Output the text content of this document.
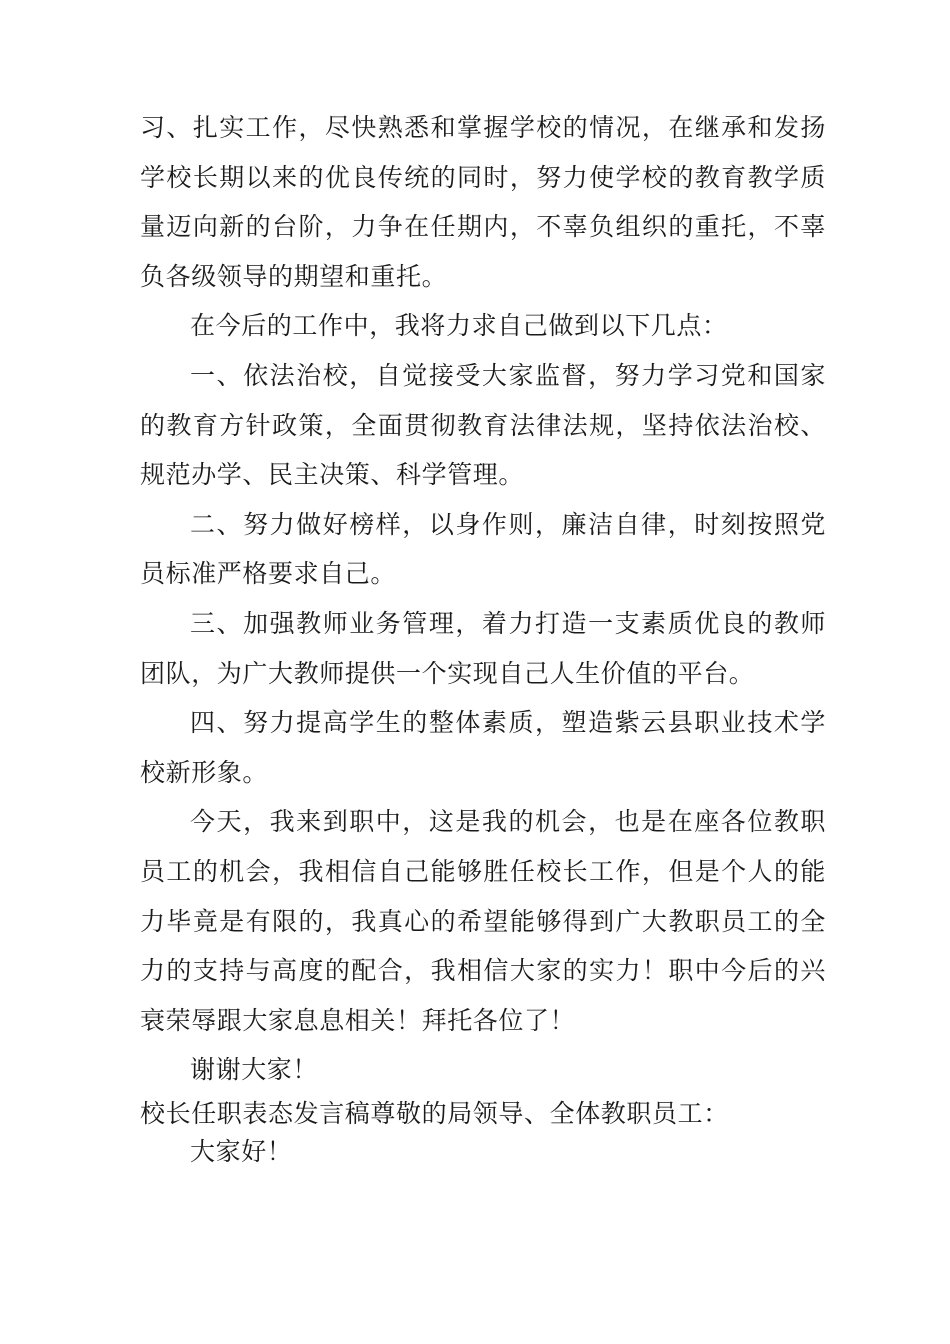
习、扎实工作，尽快熟悉和掌握学校的情况，在继承和发扬学校长期以来的优良传统的同时，努力使学校的教育教学质量迈向新的台阶，力争在任期内，不辜负组织的重托，不辜负各级领导的期望和重托。

在今后的工作中，我将力求自己做到以下几点：

一、依法治校，自觉接受大家监督，努力学习党和国家的教育方针政策，全面贯彻教育法律法规，坚持依法治校、规范办学、民主决策、科学管理。

二、努力做好榜样，以身作则，廉洁自律，时刻按照党员标准严格要求自己。

三、加强教师业务管理，着力打造一支素质优良的教师团队，为广大教师提供一个实现自己人生价值的平台。

四、努力提高学生的整体素质，塑造紫云县职业技术学校新形象。

今天，我来到职中，这是我的机会，也是在座各位教职员工的机会，我相信自己能够胜任校长工作，但是个人的能力毕竟是有限的，我真心的希望能够得到广大教职员工的全力的支持与高度的配合，我相信大家的实力！职中今后的兴衰荣辱跟大家息息相关！拜托各位了！

谢谢大家！

校长任职表态发言稿尊敬的局领导、全体教职员工：

大家好！
